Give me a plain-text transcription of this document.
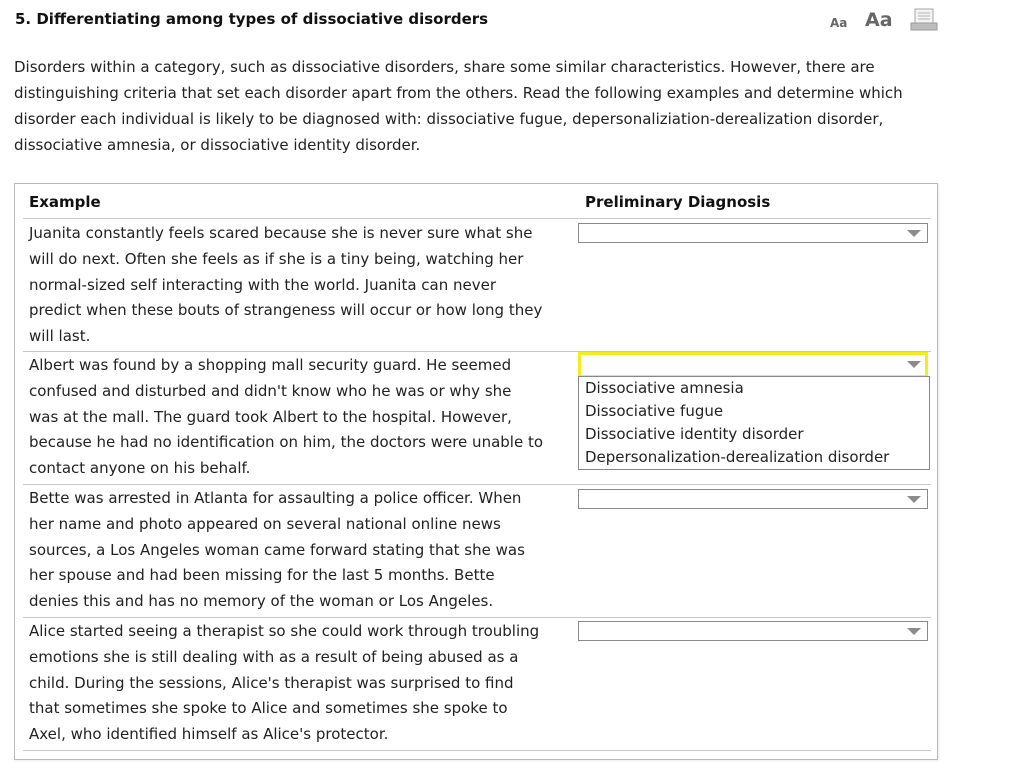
5. Differentiating among types of dissociative disorders	Aa Aa
Disorders within a category, such as dissociative disorders, share some similar characteristics. However, there are
distinguishing criteria that set each disorder apart from the others. Read the following examples and determine which
disorder each individual is likely to be diagnosed with: dissociative fugue, depersonaliziation-derealization disorder,
dissociative amnesia, or dissociative identity disorder.
Example	Preliminary Diagnosis
Juanita constantly feels scared because she is never sure what she
will do next. Often she feels as if she is a tiny being, watching her
normal-sized self interacting with the world. Juanita can never
predict when these bouts of strangeness will occur or how long they
will last.
Albert was found by a shopping mall security guard. He seemed
confused and disturbed and didn't know who he was or why she
was at the mall. The guard took Albert to the hospital. However,
because he had no identification on him, the doctors were unable to
contact anyone on his behalf.
Dissociative amnesia
Dissociative fugue
Dissociative identity disorder
Depersonalization-derealization disorder
Bette was arrested in Atlanta for assaulting a police officer. When
her name and photo appeared on several national online news
sources, a Los Angeles woman came forward stating that she was
her spouse and had been missing for the last 5 months. Bette
denies this and has no memory of the woman or Los Angeles.
Alice started seeing a therapist so she could work through troubling
emotions she is still dealing with as a result of being abused as a
child. During the sessions, Alice's therapist was surprised to find
that sometimes she spoke to Alice and sometimes she spoke to
Axel, who identified himself as Alice's protector.
